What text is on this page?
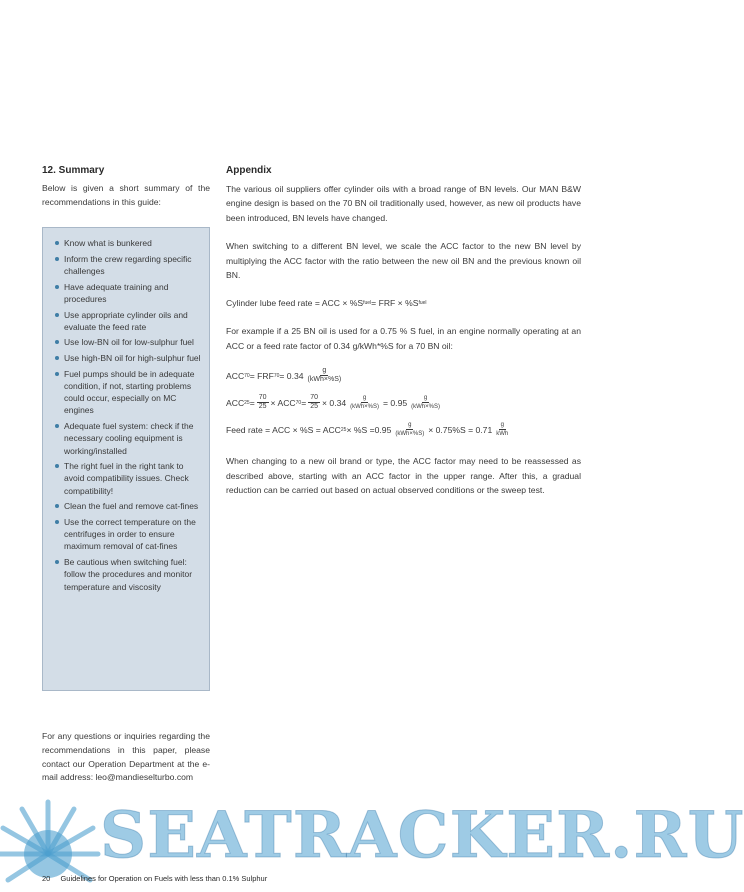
12. Summary
Below is given a short summary of the recommendations in this guide:
Know what is bunkered
Inform the crew regarding specific challenges
Have adequate training and procedures
Use appropriate cylinder oils and evaluate the feed rate
Use low-BN oil for low-sulphur fuel
Use high-BN oil for high-sulphur fuel
Fuel pumps should be in adequate condition, if not, starting problems could occur, especially on MC engines
Adequate fuel system: check if the necessary cooling equipment is working/installed
The right fuel in the right tank to avoid compatibility issues. Check compatibility!
Clean the fuel and remove cat-fines
Use the correct temperature on the centrifuges in order to ensure maximum removal of cat-fines
Be cautious when switching fuel: follow the procedures and monitor temperature and viscosity
For any questions or inquiries regarding the recommendations in this paper, please contact our Operation Department at the e-mail address: leo@mandieselturbo.com
Appendix

The various oil suppliers offer cylinder oils with a broad range of BN levels. Our MAN B&W engine design is based on the 70 BN oil traditionally used, however, as new oil products have been introduced, BN levels have changed.

When switching to a different BN level, we scale the ACC factor to the new BN level by multiplying the ACC factor with the ratio between the new oil BN and the previous known oil BN.

Cylinder lube feed rate = ACC × %S fuel = FRF × %S fuel

For example if a 25 BN oil is used for a 0.75 % S fuel, in an engine normally operating at an ACC or a feed rate factor of 0.34 g/kWh*%S for a 70 BN oil:

ACC 70 = FRF $70 = 0.34 \frac{g}{\text{(kWh×\%S)}}$
ACC $25 = \frac{70}{25}$ × ACC $70 = \frac{70}{25} \times 0.34 \frac{g}{\text{(kWh×\%S)}} = 0.95 \frac{g}{\text{(kWh×\%S)}}$
Feed rate = ACC × %S = ACC $25 \times \%S =0.95 \frac{g}{\text{(kWh×\%S)}} \times 0.75\%S = 0.71 \frac{g}{\text{kWh}}$

When changing to a new oil brand or type, the ACC factor may need to be reassessed as described above, starting with an ACC factor in the upper range. After this, a gradual reduction can be carried out based on actual observed conditions or the sweep test.

SEATRACKER.RU
20 Guidelines for Operation on Fuels with less than 0.1% Sulphur
